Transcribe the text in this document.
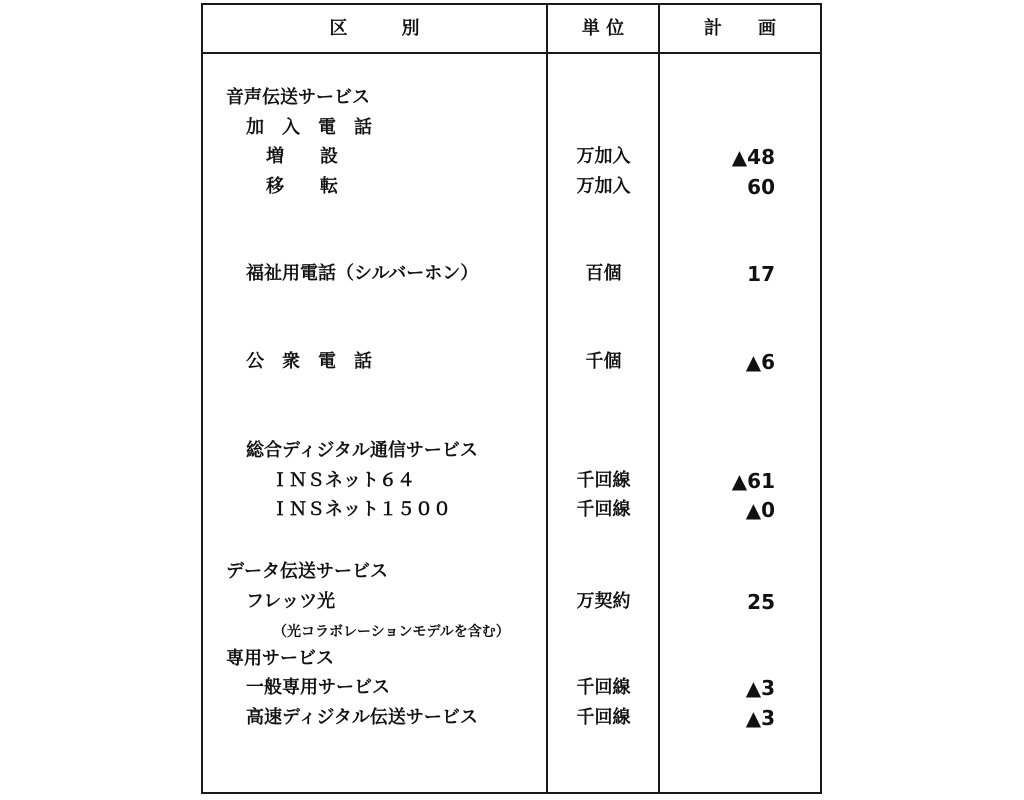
区　　　別	単 位	計　　画
音声伝送サービス
加　入　電　話
増　　設	万加入	▲48
移　　転	万加入	60
福祉用電話（シルバーホン）	百個	17
公　衆　電　話	千個	▲6
総合ディジタル通信サービス
ＩＮＳネット６４	千回線	▲61
ＩＮＳネット１５００	千回線	▲0
データ伝送サービス
フレッツ光	万契約	25
（光コラボレーションモデルを含む）
専用サービス
一般専用サービス	千回線	▲3
高速ディジタル伝送サービス	千回線	▲3
